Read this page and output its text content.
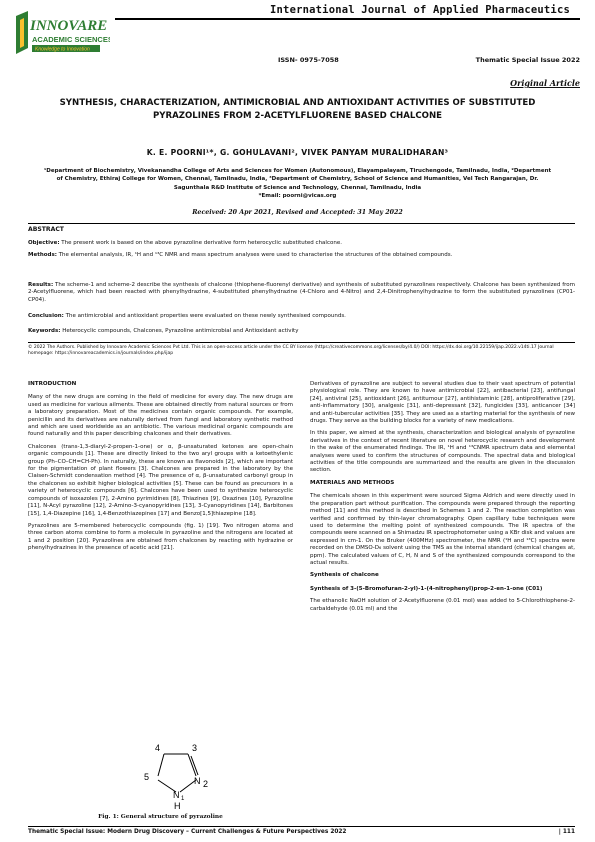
INNOVARE
ACADEMIC SCIENCES
Knowledge to Innovation
International Journal of Applied Pharmaceutics
ISSN- 0975-7058	Thematic Special Issue 2022
Original Article
SYNTHESIS, CHARACTERIZATION, ANTIMICROBIAL AND ANTIOXIDANT ACTIVITIES OF SUBSTITUTED PYRAZOLINES FROM 2-ACETYLFLUORENE BASED CHALCONE
K. E. POORNI¹*, G. GOHULAVANI², VIVEK PANYAM MURALIDHARAN³
¹Department of Biochemistry, Vivekanandha College of Arts and Sciences for Women (Autonomous), Elayampalayam, Tiruchengode, Tamilnadu, India, ²Department of Chemistry, Ethiraj College for Women, Chennai, Tamilnadu, India, ³Department of Chemistry, School of Science and Humanities, Vel Tech Rangarajan, Dr. Sagunthala R&D Institute of Science and Technology, Chennai, Tamilnadu, India
*Email: poorni@vicas.org
Received: 20 Apr 2021, Revised and Accepted: 31 May 2022
ABSTRACT
Objective: The present work is based on the above pyrazoline derivative form heterocyclic substituted chalcone.
Methods: The elemental analysis, IR, ¹H and ¹³C NMR and mass spectrum analyses were used to characterise the structures of the obtained compounds.
Results: The scheme-1 and scheme-2 describe the synthesis of chalcone (thiophene-fluorenyl derivative) and synthesis of substituted pyrazolines respectively. Chalcone has been synthesized from 2-Acetylfluorene, which had been reacted with phenylhydrazine, 4-substituted phenylhydrazine (4-Chloro and 4-Nitro) and 2,4-Dinitrophenylhydrazine to form the substituted pyrazolines (CP01-CP04).
Conclusion: The antimicrobial and antioxidant properties were evaluated on these newly synthesised compounds.
Keywords: Heterocyclic compounds, Chalcones, Pyrazoline antimicrobial and Antioxidant activity
© 2022 The Authors. Published by Innovare Academic Sciences Pvt Ltd. This is an open-access article under the CC BY license (https://creativecommons.org/licenses/by/4.0/) DOI: https://dx.doi.org/10.22159/ijap.2022.v14ti.17 Journal homepage: https://innovareacademics.in/journals/index.php/ijap
INTRODUCTION

Many of the new drugs are coming in the field of medicine for every day. The new drugs are used as medicine for various ailments. These are obtained directly from natural sources or from a laboratory preparation. Most of the medicines contain organic compounds. For example, penicillin and its derivatives are naturally derived from fungi and laboratory synthetic method and which are used worldwide as an antibiotic. The various medicinal organic compounds are found naturally and this paper describing chalcones and their derivatives.

Chalcones (trans-1,3-diaryl-2-propen-1-one) or α, β-unsaturated ketones are open-chain organic compounds [1]. These are directly linked to the two aryl groups with a ketoethylenic group (Ph–CO–CH=CH-Ph). In naturally, these are known as flavonoids [2], which are important for the pigmentation of plant flowers [3]. Chalcones are prepared in the laboratory by the Claisen-Schmidt condensation method [4]. The presence of α, β-unsaturated carbonyl group in the chalcones so exhibit higher biological activities [5]. These can be found as precursors in a variety of heterocyclic compounds [6]. Chalcones have been used to synthesize heterocyclic compounds of isoxazoles [7], 2-Amino pyrimidines [8], Thiazines [9], Oxazines [10], Pyrazoline [11], N-Acyl pyrazoline [12], 2-Amino-3-cyanopyridines [13], 3-Cyanopyridines [14], Barbitones [15], 1,4-Diazepine [16], 1,4-Benzothiazepines [17] and Benzo[1,5]thiazepine [18].

Pyrazolines are 5-membered heterocyclic compounds (fig. 1) [19]. Two nitrogen atoms and three carbon atoms combine to form a molecule in pyrazoline and the nitrogens are located at 1 and 2 position [20]. Pyrazolines are obtained from chalcones by reacting with hydrazine or phenylhydrazines in the presence of acetic acid [21].

4	3
5
N 1
N 2
H
Fig. 1: General structure of pyrazoline

Derivatives of pyrazoline are subject to several studies due to their vast spectrum of potential physiological role. They are known to have antimicrobial [22], antibacterial [23], antifungal [24], antiviral [25], antioxidant [26], antitumour [27], antihistaminic [28], antiproliferative [29], anti-inflammatory [30], analgesic [31], anti-depressant [32], fungicides [33], anticancer [34] and anti-tubercular activities [35]. They are used as a starting material for the synthesis of new drugs. They serve as the building blocks for a variety of new medications.

In this paper, we aimed at the synthesis, characterization and biological analysis of pyrazoline derivatives in the context of recent literature on novel heterocyclic research and development in the wake of the enumerated findings. The IR, ¹H and ¹³CNMR spectrum data and elemental analyses were used to confirm the structures of compounds. The spectral data and biological activities of the title compounds are summarized and the results are given in the discussion section.

MATERIALS AND METHODS

The chemicals shown in this experiment were sourced Sigma Aldrich and were directly used in the preparation part without purification. The compounds were prepared through the reporting method [11] and this method is described in Schemes 1 and 2. The reaction completion was verified and confirmed by thin-layer chromatography. Open capillary tube techniques were used to determine the melting point of synthesized compounds. The IR spectra of the compounds were scanned on a Shimadzu IR spectrophotometer using a KBr disk and values are expressed in cm-1. On the Bruker (400MHz) spectrometer, the NMR (¹H and ¹³C) spectra were recorded on the DMSO-D₆ solvent using the TMS as the internal standard (chemical changes at, ppm). The calculated values of C, H, N and S of the synthesized compounds correspond to the actual results.

Synthesis of chalcone

Synthesis of 3-(5-Bromofuran-2-yl)-1-(4-nitrophenyl)prop-2-en-1-one (C01)

The ethanolic NaOH solution of 2-Acetylfluorene (0.01 mol) was added to 5-Chlorothiophene-2-carbaldehyde (0.01 ml) and the

Thematic Special Issue: Modern Drug Discovery – Current Challenges & Future Perspectives 2022	| 111
